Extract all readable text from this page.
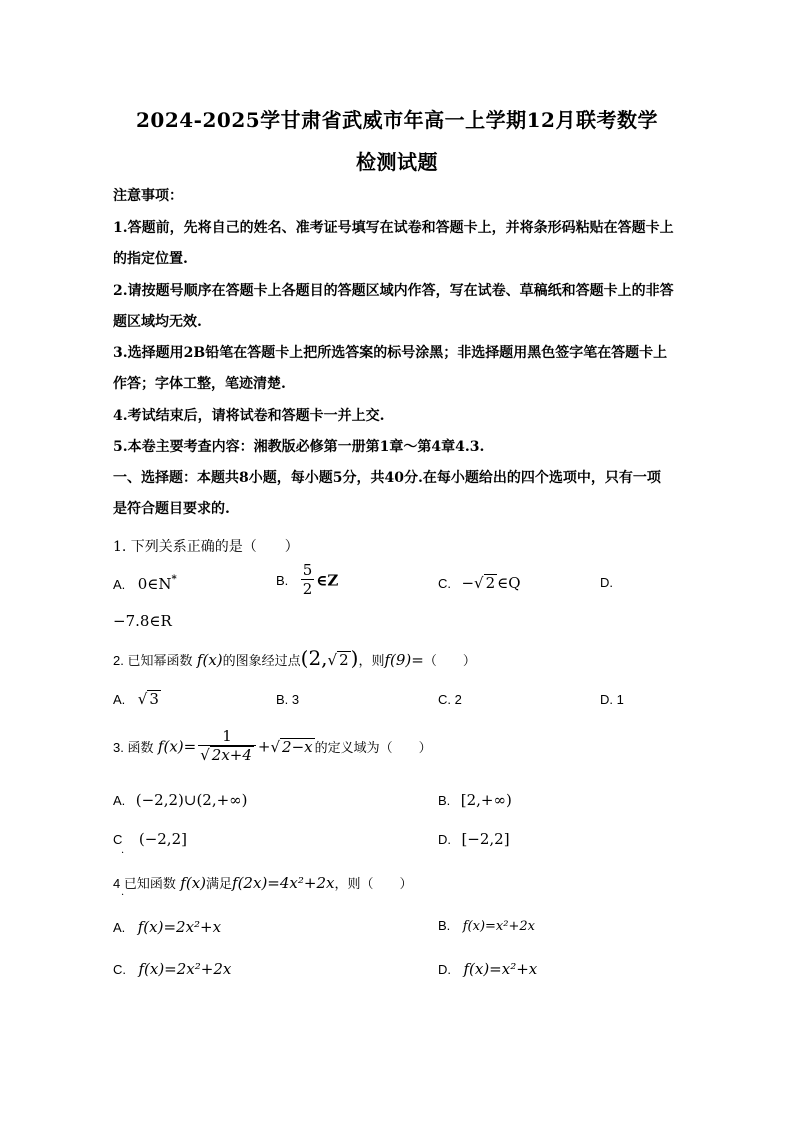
2024-2025学甘肃省武威市年高一上学期12月联考数学
检测试题
注意事项：
1.答题前，先将自己的姓名、准考证号填写在试卷和答题卡上，并将条形码粘贴在答题卡上
的指定位置.
2.请按题号顺序在答题卡上各题目的答题区域内作答，写在试卷、草稿纸和答题卡上的非答
题区域均无效.
3.选择题用2B铅笔在答题卡上把所选答案的标号涂黑；非选择题用黑色签字笔在答题卡上
作答；字体工整，笔迹清楚.
4.考试结束后，请将试卷和答题卡一并上交.
5.本卷主要考查内容：湘教版必修第一册第1章～第4章4.3.
一、选择题：本题共8小题，每小题5分，共40分.在每小题给出的四个选项中，只有一项
是符合题目要求的.
1. 下列关系正确的是（　　）
A. 0∈N*	B. $\frac{5}{2}$ ∈Z	C. −√ 2 ∈Q	D.
−7.8∈R
2. 已知幂函数 f(x)的图象经过点(2,√ 2 )，则f(9)=（　　）
A. √ 3	B. 3	C. 2	D. 1
3. 函数 $f(x)= \frac{1}{√ 2x+4}$ +√ 2−x 的定义域为（　　）
A. (−2,2)∪(2,+∞)	B. [2,+∞)
C (−2,2]
·
D. [−2,2]
4 已知函数 f(x)满足f(2x)=4x²+2x，则（　　）
·
A. f(x)=2x²+x	B. f(x)=x²+2x
C. f(x)=2x²+2x	D. f(x)=x²+x
